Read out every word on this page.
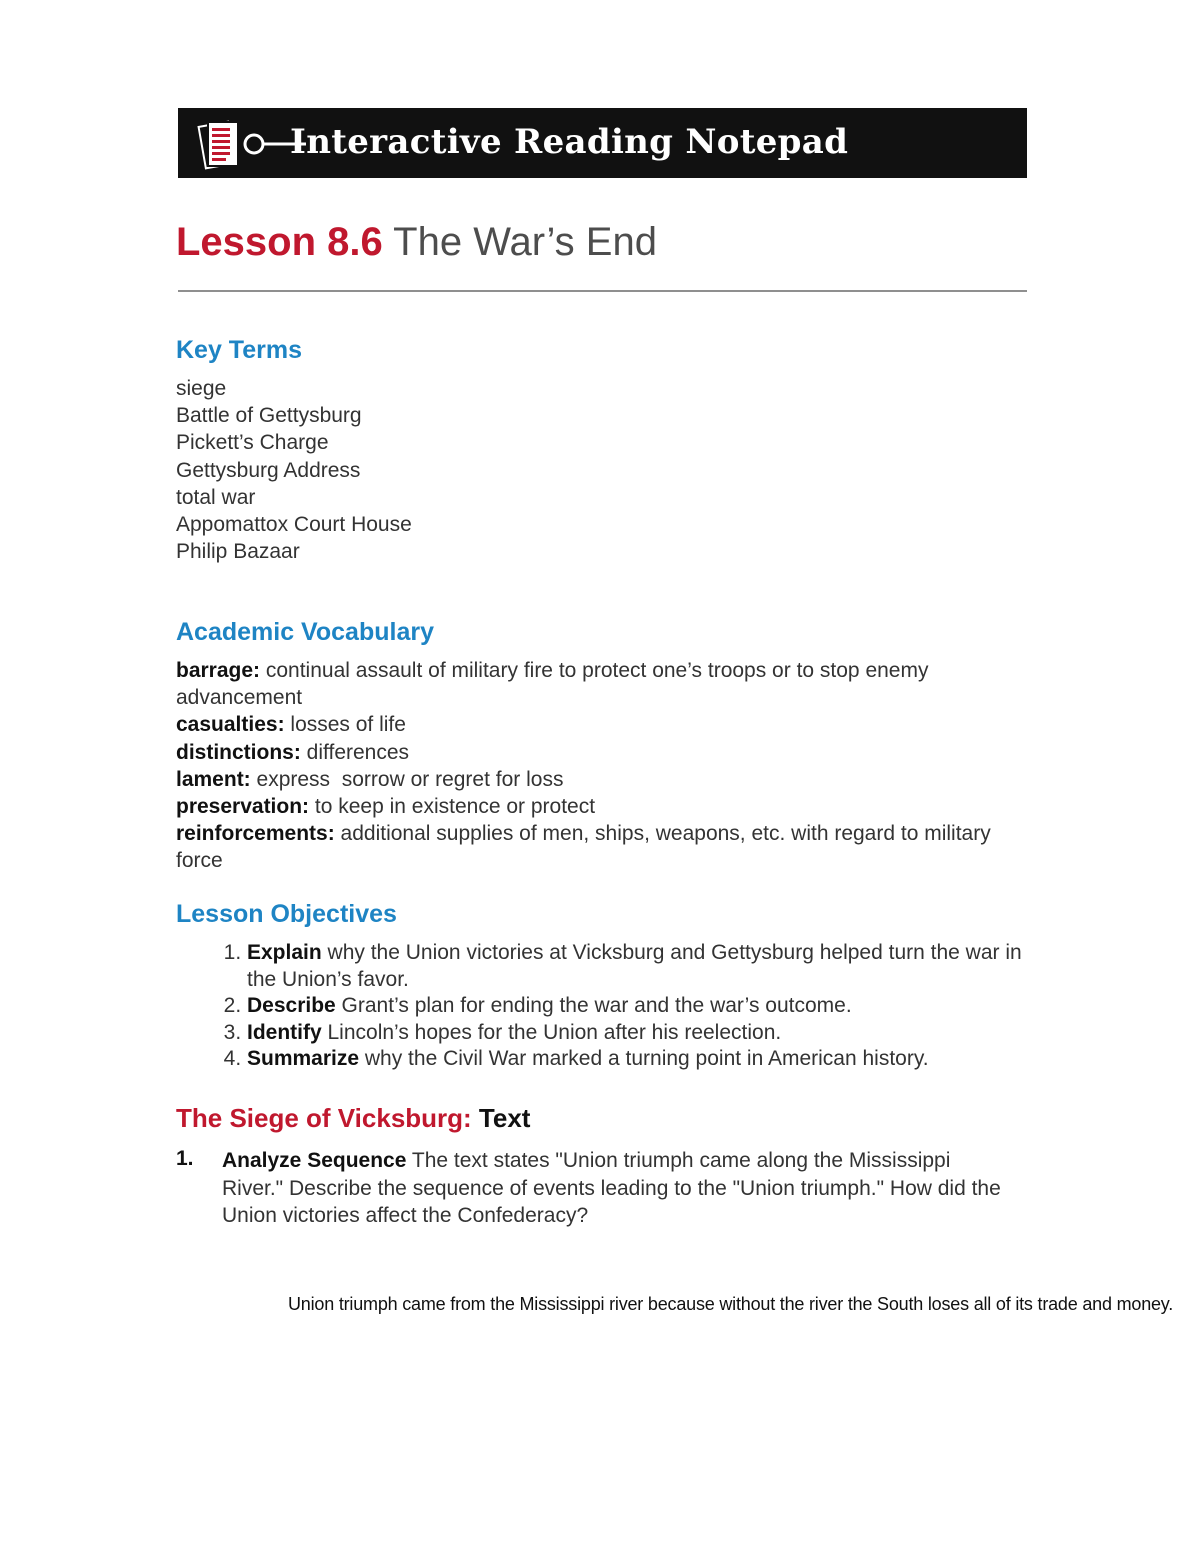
Interactive Reading Notepad
Lesson 8.6 The War’s End
Key Terms
siege
Battle of Gettysburg
Pickett’s Charge
Gettysburg Address
total war
Appomattox Court House
Philip Bazaar
Academic Vocabulary
barrage: continual assault of military fire to protect one’s troops or to stop enemy advancement
casualties: losses of life
distinctions: differences
lament: express  sorrow or regret for loss
preservation: to keep in existence or protect
reinforcements: additional supplies of men, ships, weapons, etc. with regard to military force
Lesson Objectives
1. Explain why the Union victories at Vicksburg and Gettysburg helped turn the war in the Union’s favor.
2. Describe Grant’s plan for ending the war and the war’s outcome.
3. Identify Lincoln’s hopes for the Union after his reelection.
4. Summarize why the Civil War marked a turning point in American history.
The Siege of Vicksburg: Text
1. Analyze Sequence The text states "Union triumph came along the Mississippi River." Describe the sequence of events leading to the "Union triumph." How did the Union victories affect the Confederacy?
Union triumph came from the Mississippi river because without the river the South loses all of its trade and money.
